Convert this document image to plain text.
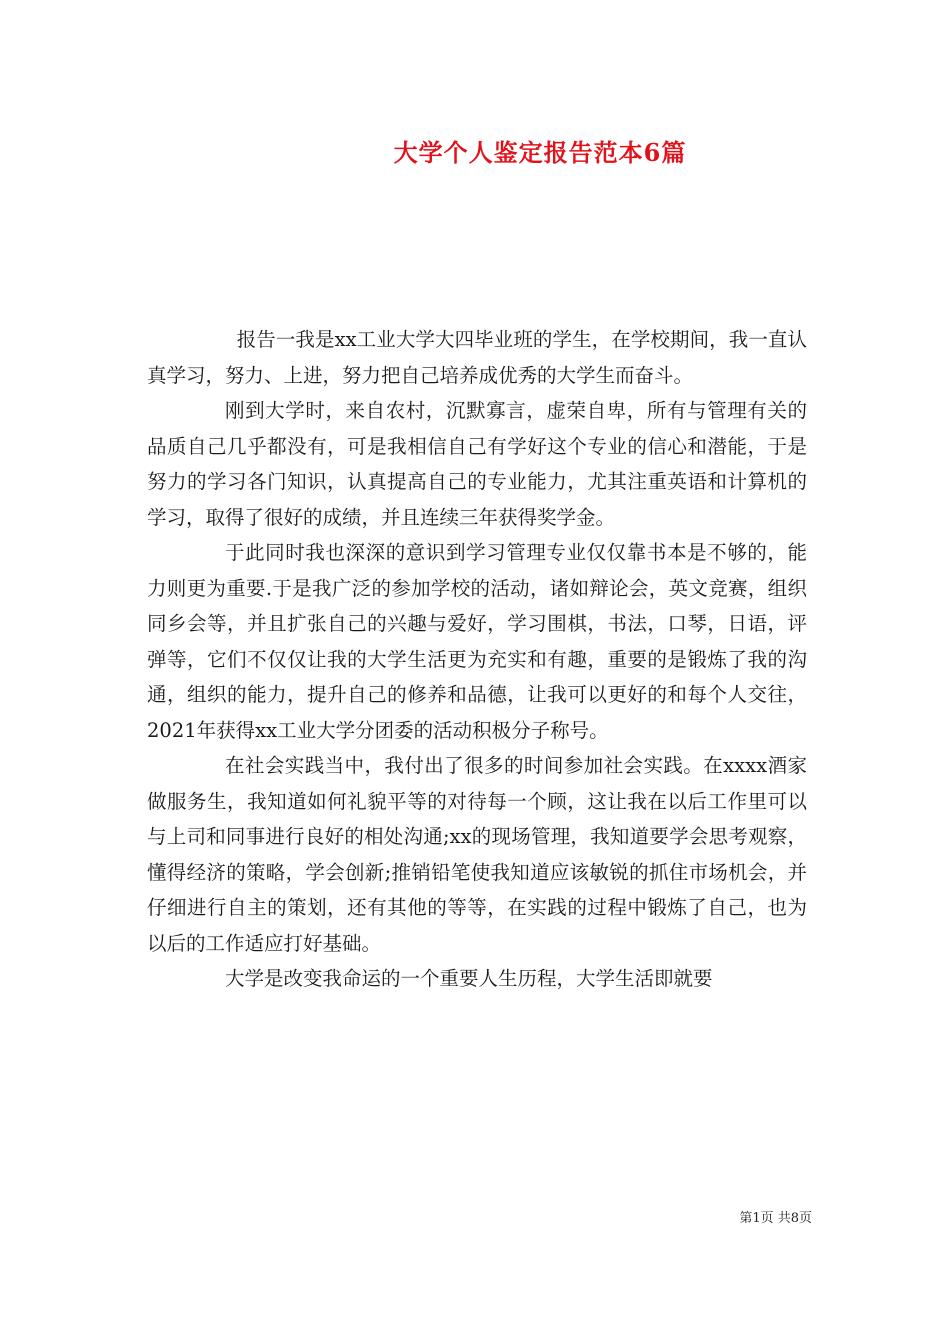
大学个人鉴定报告范本6篇

报告一我是xx工业大学大四毕业班的学生，在学校期间，我一直认真学习，努力、上进，努力把自己培养成优秀的大学生而奋斗。

刚到大学时，来自农村，沉默寡言，虚荣自卑，所有与管理有关的品质自己几乎都没有，可是我相信自己有学好这个专业的信心和潜能，于是努力的学习各门知识，认真提高自己的专业能力，尤其注重英语和计算机的学习，取得了很好的成绩，并且连续三年获得奖学金。

于此同时我也深深的意识到学习管理专业仅仅靠书本是不够的，能力则更为重要.于是我广泛的参加学校的活动，诸如辩论会，英文竞赛，组织同乡会等，并且扩张自己的兴趣与爱好，学习围棋，书法，口琴，日语，评弹等，它们不仅仅让我的大学生活更为充实和有趣，重要的是锻炼了我的沟通，组织的能力，提升自己的修养和品德，让我可以更好的和每个人交往，2021年获得xx工业大学分团委的活动积极分子称号。

在社会实践当中，我付出了很多的时间参加社会实践。在xxxx酒家做服务生，我知道如何礼貌平等的对待每一个顾，这让我在以后工作里可以与上司和同事进行良好的相处沟通;xx的现场管理，我知道要学会思考观察，懂得经济的策略，学会创新;推销铅笔使我知道应该敏锐的抓住市场机会，并仔细进行自主的策划，还有其他的等等，在实践的过程中锻炼了自己，也为以后的工作适应打好基础。

大学是改变我命运的一个重要人生历程，大学生活即就要

第1页 共8页
